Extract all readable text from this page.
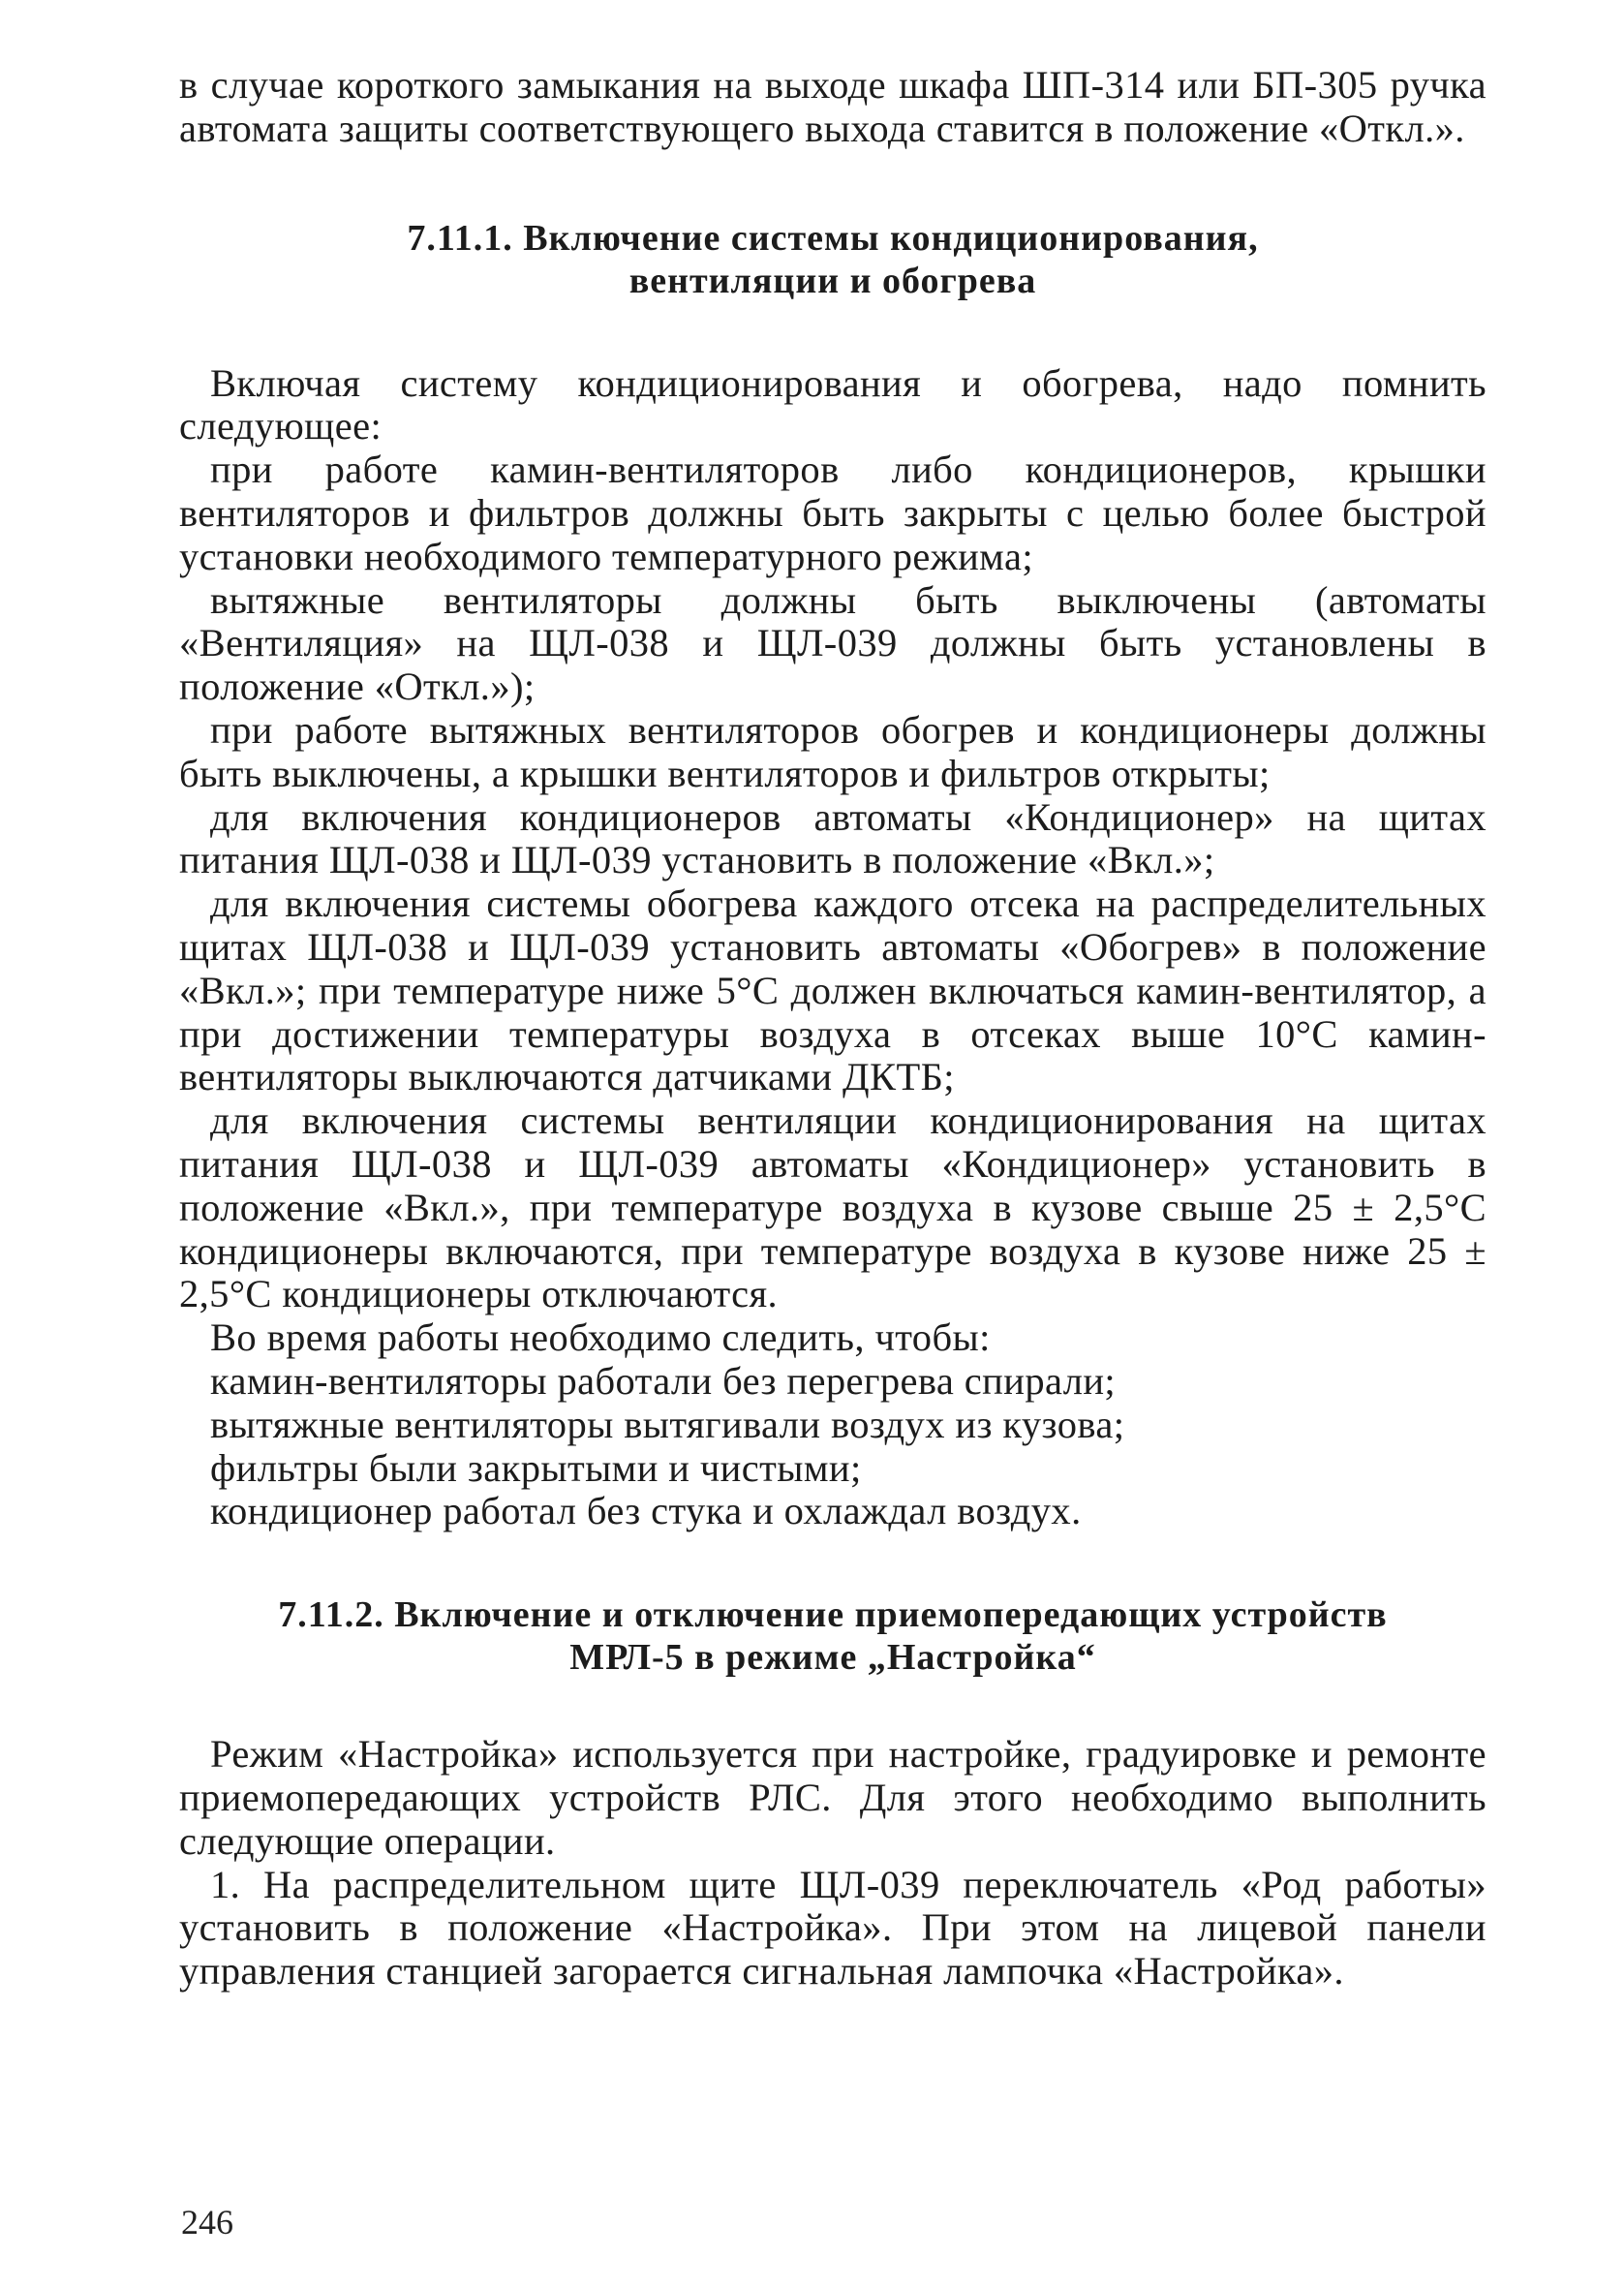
в случае короткого замыкания на выходе шкафа ШП-314 или БП-305 ручка автомата защиты соответствующего выхода ставится в положение «Откл.».

7.11.1. Включение системы кондиционирования,
вентиляции и обогрева

Включая систему кондиционирования и обогрева, надо помнить следующее:

при работе камин-вентиляторов либо кондиционеров, крышки вентиляторов и фильтров должны быть закрыты с целью более быстрой установки необходимого температурного режима;

вытяжные вентиляторы должны быть выключены (автоматы «Вентиляция» на ЩЛ-038 и ЩЛ-039 должны быть установлены в положение «Откл.»);

при работе вытяжных вентиляторов обогрев и кондиционеры должны быть выключены, а крышки вентиляторов и фильтров открыты;

для включения кондиционеров автоматы «Кондиционер» на щитах питания ЩЛ-038 и ЩЛ-039 установить в положение «Вкл.»;

для включения системы обогрева каждого отсека на распределительных щитах ЩЛ-038 и ЩЛ-039 установить автоматы «Обогрев» в положение «Вкл.»; при температуре ниже 5°С должен включаться камин-вентилятор, а при достижении температуры воздуха в отсеках выше 10°С камин-вентиляторы выключаются датчиками ДКТБ;

для включения системы вентиляции кондиционирования на щитах питания ЩЛ-038 и ЩЛ-039 автоматы «Кондиционер» установить в положение «Вкл.», при температуре воздуха в кузове свыше 25 ± 2,5°С кондиционеры включаются, при температуре воздуха в кузове ниже 25 ± 2,5°С кондиционеры отключаются.

Во время работы необходимо следить, чтобы:

камин-вентиляторы работали без перегрева спирали;
вытяжные вентиляторы вытягивали воздух из кузова;
фильтры были закрытыми и чистыми;
кондиционер работал без стука и охлаждал воздух.
7.11.2. Включение и отключение приемопередающих устройств
МРЛ-5 в режиме „Настройка“

Режим «Настройка» используется при настройке, градуировке и ремонте приемопередающих устройств РЛС. Для этого необходимо выполнить следующие операции.

1. На распределительном щите ЩЛ-039 переключатель «Род работы» установить в положение «Настройка». При этом на лицевой панели управления станцией загорается сигнальная лампочка «Настройка».

246
